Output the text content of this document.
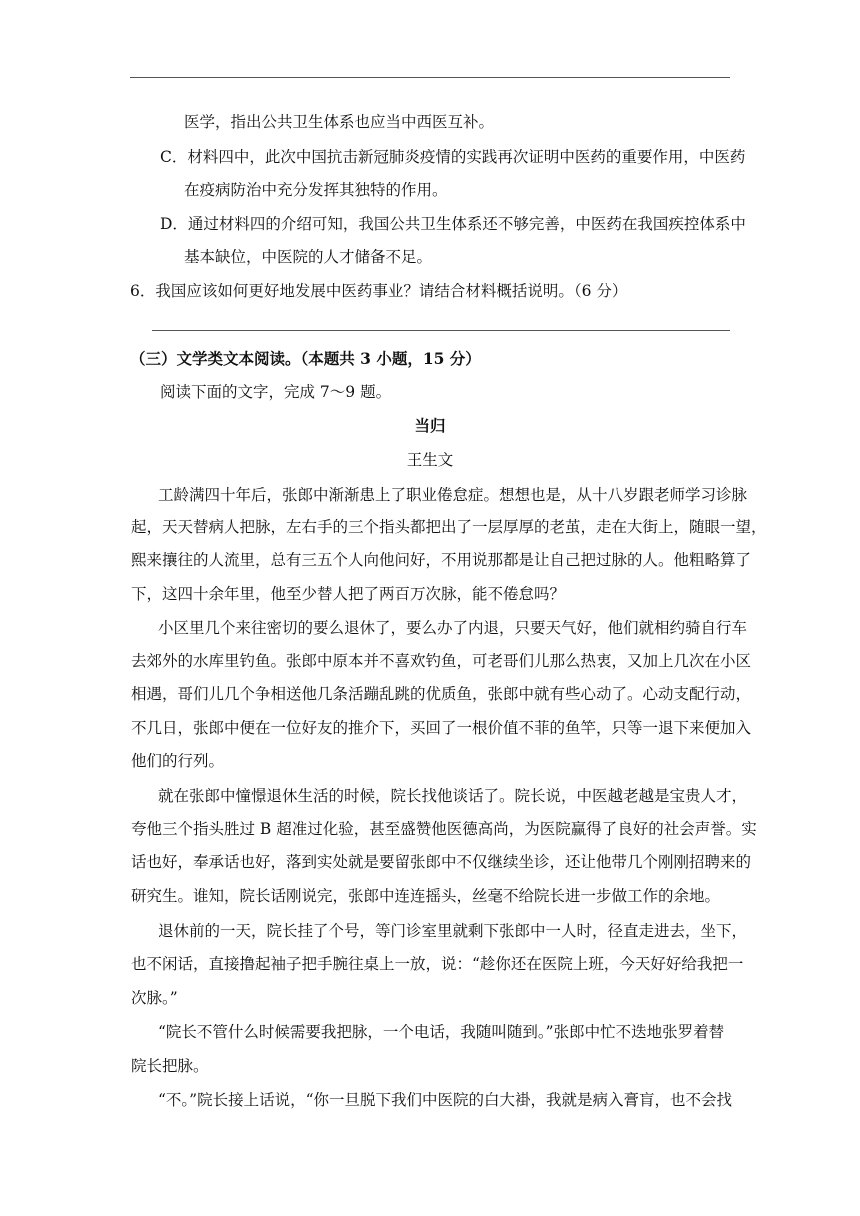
医学，指出公共卫生体系也应当中西医互补。
C．材料四中，此次中国抗击新冠肺炎疫情的实践再次证明中医药的重要作用，中医药
在疫病防治中充分发挥其独特的作用。
D．通过材料四的介绍可知，我国公共卫生体系还不够完善，中医药在我国疾控体系中
基本缺位，中医院的人才储备不足。
6．我国应该如何更好地发展中医药事业？请结合材料概括说明。（6 分）
（三）文学类文本阅读。（本题共 3 小题，15 分）
阅读下面的文字，完成 7～9 题。
当归
王生文
工龄满四十年后，张郎中渐渐患上了职业倦怠症。想想也是，从十八岁跟老师学习诊脉
起，天天替病人把脉，左右手的三个指头都把出了一层厚厚的老茧，走在大街上，随眼一望，
熙来攘往的人流里，总有三五个人向他问好，不用说那都是让自己把过脉的人。他粗略算了
下，这四十余年里，他至少替人把了两百万次脉，能不倦怠吗？
小区里几个来往密切的要么退休了，要么办了内退，只要天气好，他们就相约骑自行车
去郊外的水库里钓鱼。张郎中原本并不喜欢钓鱼，可老哥们儿那么热衷，又加上几次在小区
相遇，哥们儿几个争相送他几条活蹦乱跳的优质鱼，张郎中就有些心动了。心动支配行动，
不几日，张郎中便在一位好友的推介下，买回了一根价值不菲的鱼竿，只等一退下来便加入
他们的行列。
就在张郎中憧憬退休生活的时候，院长找他谈话了。院长说，中医越老越是宝贵人才，
夸他三个指头胜过 B 超准过化验，甚至盛赞他医德高尚，为医院赢得了良好的社会声誉。实
话也好，奉承话也好，落到实处就是要留张郎中不仅继续坐诊，还让他带几个刚刚招聘来的
研究生。谁知，院长话刚说完，张郎中连连摇头，丝毫不给院长进一步做工作的余地。
退休前的一天，院长挂了个号，等门诊室里就剩下张郎中一人时，径直走进去，坐下，
也不闲话，直接撸起袖子把手腕往桌上一放，说：“趁你还在医院上班，今天好好给我把一
次脉。”
“院长不管什么时候需要我把脉，一个电话，我随叫随到。”张郎中忙不迭地张罗着替
院长把脉。
“不。”院长接上话说，“你一旦脱下我们中医院的白大褂，我就是病入膏肓，也不会找
